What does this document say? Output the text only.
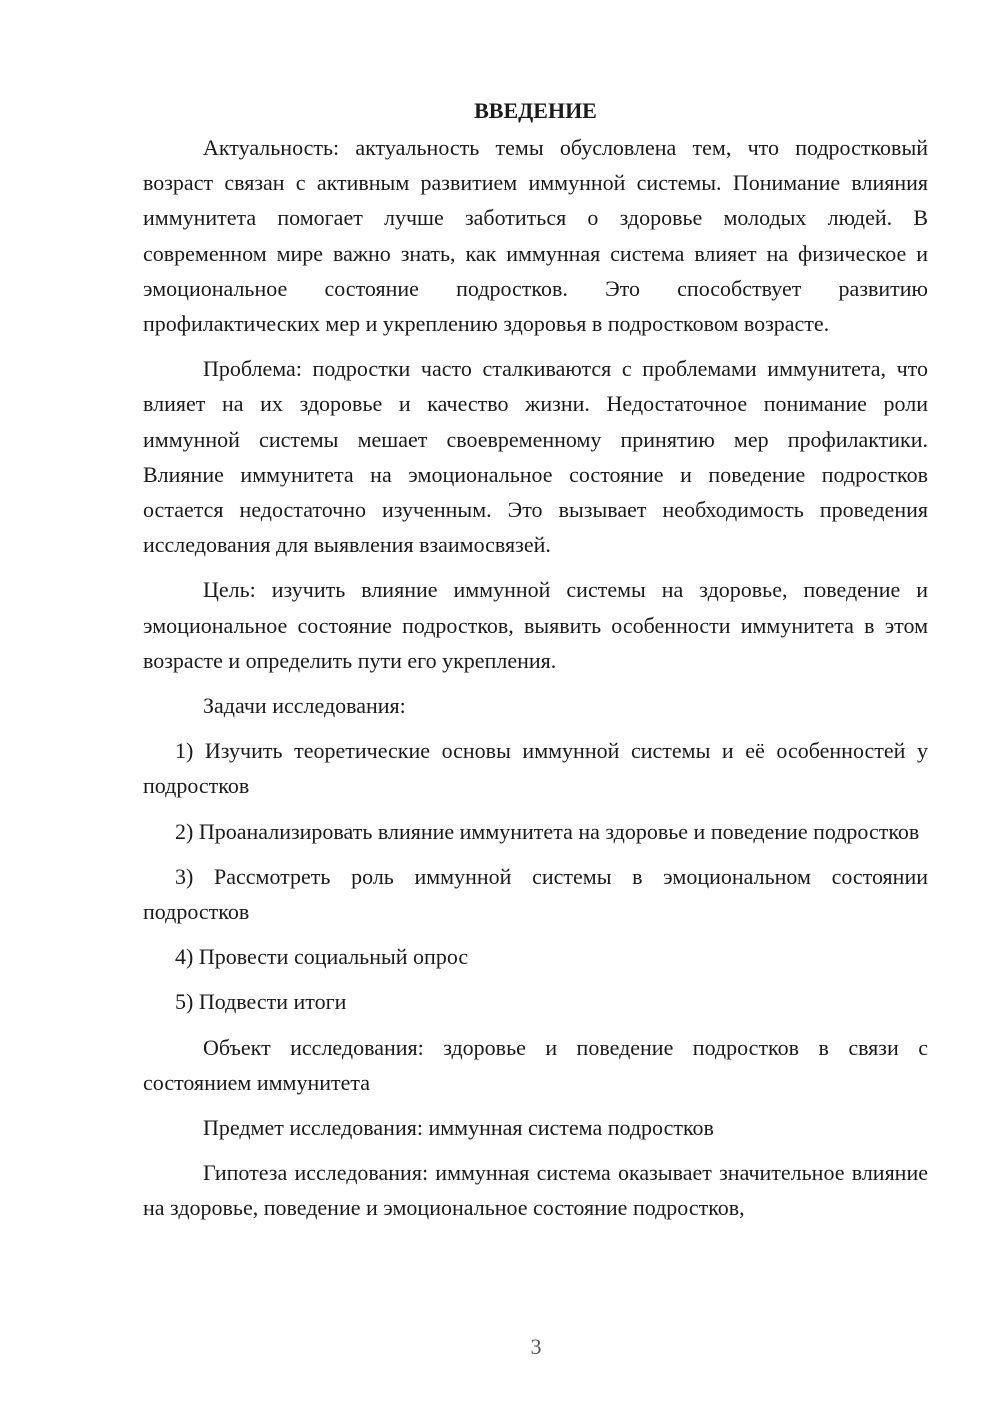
ВВЕДЕНИЕ

Актуальность: актуальность темы обусловлена тем, что подростковый возраст связан с активным развитием иммунной системы. Понимание влияния иммунитета помогает лучше заботиться о здоровье молодых людей. В современном мире важно знать, как иммунная система влияет на физическое и эмоциональное состояние подростков. Это способствует развитию профилактических мер и укреплению здоровья в подростковом возрасте.

Проблема: подростки часто сталкиваются с проблемами иммунитета, что влияет на их здоровье и качество жизни. Недостаточное понимание роли иммунной системы мешает своевременному принятию мер профилактики. Влияние иммунитета на эмоциональное состояние и поведение подростков остается недостаточно изученным. Это вызывает необходимость проведения исследования для выявления взаимосвязей.

Цель: изучить влияние иммунной системы на здоровье, поведение и эмоциональное состояние подростков, выявить особенности иммунитета в этом возрасте и определить пути его укрепления.

Задачи исследования:

1) Изучить теоретические основы иммунной системы и её особенностей у подростков

2) Проанализировать влияние иммунитета на здоровье и поведение подростков

3) Рассмотреть роль иммунной системы в эмоциональном состоянии подростков

4) Провести социальный опрос

5) Подвести итоги

Объект исследования: здоровье и поведение подростков в связи с состоянием иммунитета

Предмет исследования: иммунная система подростков

Гипотеза исследования: иммунная система оказывает значительное влияние на здоровье, поведение и эмоциональное состояние подростков,

3
